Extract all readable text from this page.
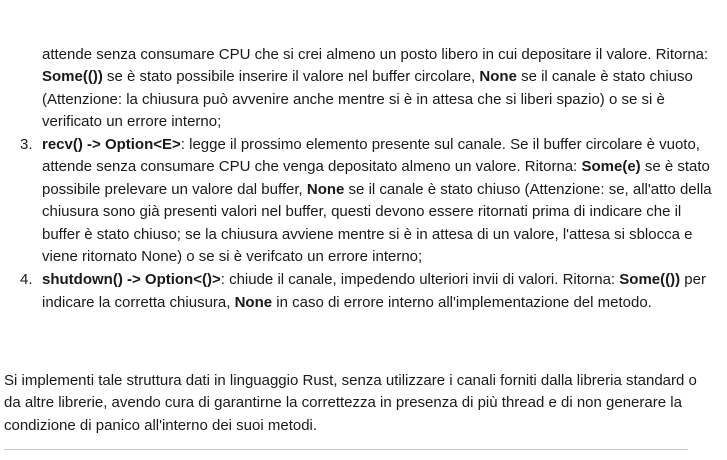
attende senza consumare CPU che si crei almeno un posto libero in cui depositare il valore. Ritorna: Some(()) se è stato possibile inserire il valore nel buffer circolare, None se il canale è stato chiuso (Attenzione: la chiusura può avvenire anche mentre si è in attesa che si liberi spazio) o se si è verificato un errore interno;

3. recv() -> Option<E>: legge il prossimo elemento presente sul canale. Se il buffer circolare è vuoto, attende senza consumare CPU che venga depositato almeno un valore. Ritorna: Some(e) se è stato possibile prelevare un valore dal buffer, None se il canale è stato chiuso (Attenzione: se, all'atto della chiusura sono già presenti valori nel buffer, questi devono essere ritornati prima di indicare che il buffer è stato chiuso; se la chiusura avviene mentre si è in attesa di un valore, l'attesa si sblocca e viene ritornato None) o se si è verifcato un errore interno;
4. shutdown() -> Option<()>: chiude il canale, impedendo ulteriori invii di valori. Ritorna: Some(()) per indicare la corretta chiusura, None in caso di errore interno all'implementazione del metodo.

Si implementi tale struttura dati in linguaggio Rust, senza utilizzare i canali forniti dalla libreria standard o da altre librerie, avendo cura di garantirne la correttezza in presenza di più thread e di non generare la condizione di panico all'interno dei suoi metodi.
